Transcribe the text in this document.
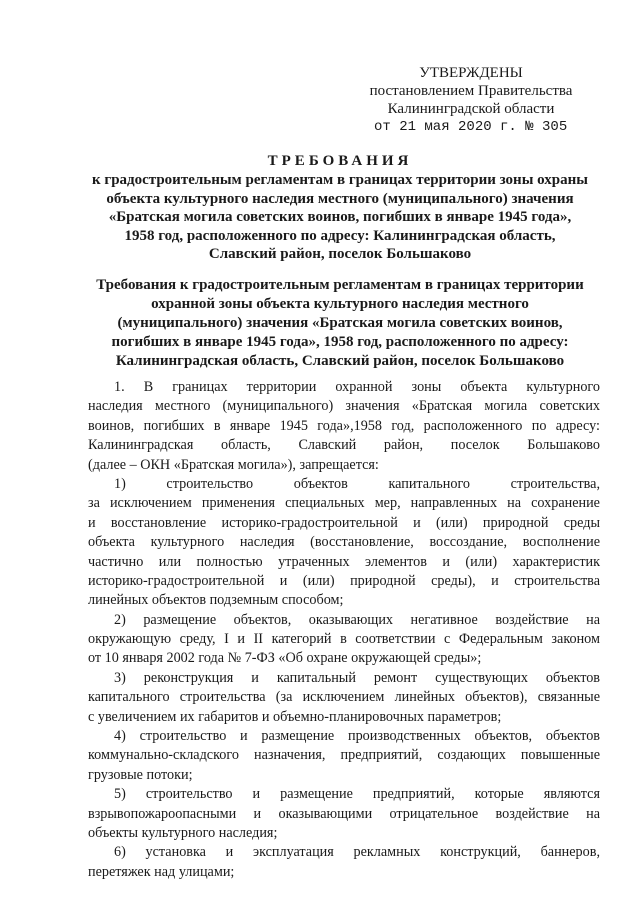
УТВЕРЖДЕНЫ
постановлением Правительства
Калининградской области
от 21 мая 2020 г. № 305
ТРЕБОВАНИЯ
к градостроительным регламентам в границах территории зоны охраны
объекта культурного наследия местного (муниципального) значения
«Братская могила советских воинов, погибших в январе 1945 года»,
1958 год, расположенного по адресу: Калининградская область,
Славский район, поселок Большаково
Требования к градостроительным регламентам в границах территории
охранной зоны объекта культурного наследия местного
(муниципального) значения «Братская могила советских воинов,
погибших в январе 1945 года», 1958 год, расположенного по адресу:
Калининградская область, Славский район, поселок Большаково
1. В границах территории охранной зоны объекта культурного
наследия местного (муниципального) значения «Братская могила советских
воинов, погибших в январе 1945 года»,1958 год, расположенного по адресу:
Калининградская область, Славский район, поселок Большаково
(далее – ОКН «Братская могила»), запрещается:
1) строительство объектов капитального строительства,
за исключением применения специальных мер, направленных на сохранение
и восстановление историко-градостроительной и (или) природной среды
объекта культурного наследия (восстановление, воссоздание, восполнение
частично или полностью утраченных элементов и (или) характеристик
историко-градостроительной и (или) природной среды), и строительства
линейных объектов подземным способом;
2) размещение объектов, оказывающих негативное воздействие на
окружающую среду, I и II категорий в соответствии с Федеральным законом
от 10 января 2002 года № 7-ФЗ «Об охране окружающей среды»;
3) реконструкция и капитальный ремонт существующих объектов
капитального строительства (за исключением линейных объектов), связанные
с увеличением их габаритов и объемно-планировочных параметров;
4) строительство и размещение производственных объектов, объектов
коммунально-складского назначения, предприятий, создающих повышенные
грузовые потоки;
5) строительство и размещение предприятий, которые являются
взрывопожароопасными и оказывающими отрицательное воздействие на
объекты культурного наследия;
6) установка и эксплуатация рекламных конструкций, баннеров,
перетяжек над улицами;
